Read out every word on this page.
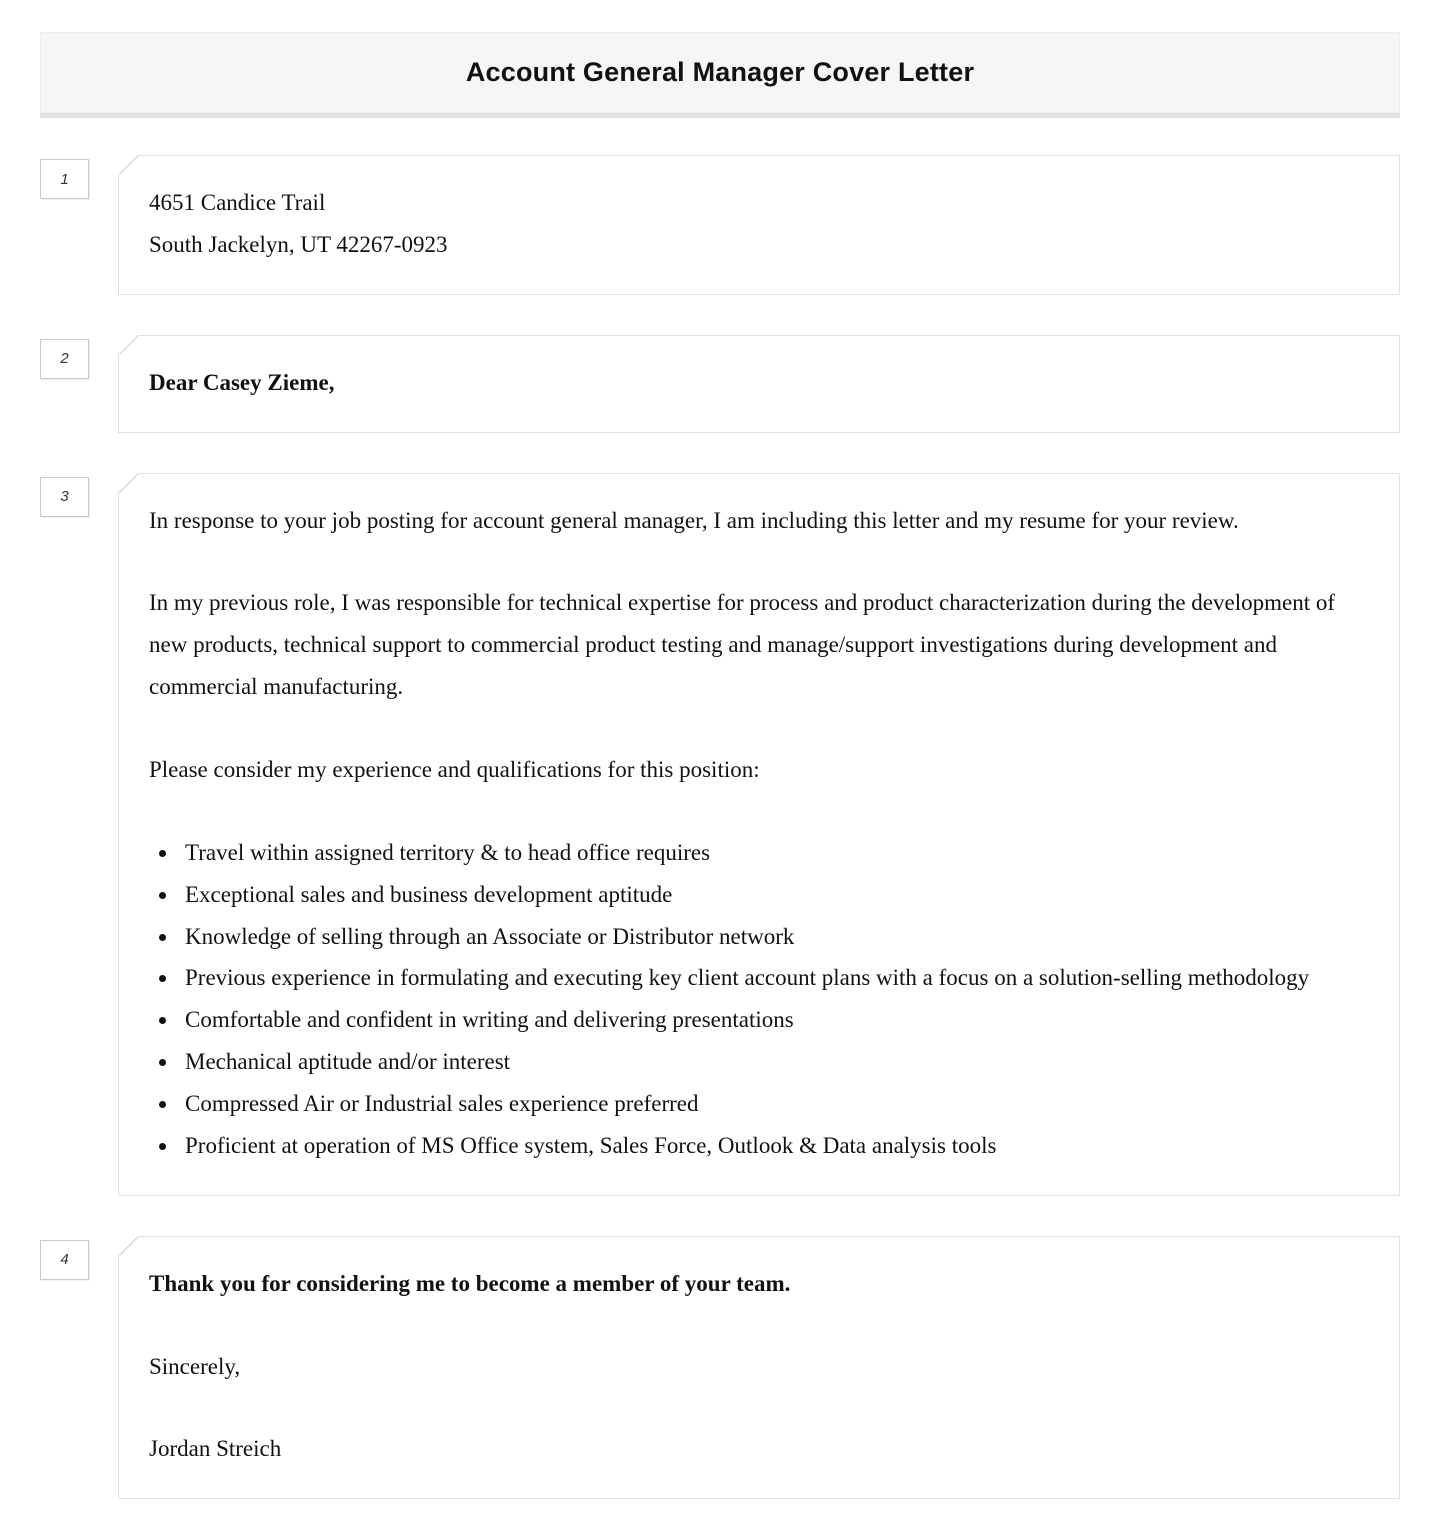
Account General Manager Cover Letter
1
4651 Candice Trail
South Jackelyn, UT 42267-0923
2
Dear Casey Zieme,
3

In response to your job posting for account general manager, I am including this letter and my resume for your review.

In my previous role, I was responsible for technical expertise for process and product characterization during the development of new products, technical support to commercial product testing and manage/support investigations during development and commercial manufacturing.

Please consider my experience and qualifications for this position:

• Travel within assigned territory & to head office requires
• Exceptional sales and business development aptitude
• Knowledge of selling through an Associate or Distributor network
• Previous experience in formulating and executing key client account plans with a focus on a solution-selling methodology
• Comfortable and confident in writing and delivering presentations
• Mechanical aptitude and/or interest
• Compressed Air or Industrial sales experience preferred
• Proficient at operation of MS Office system, Sales Force, Outlook & Data analysis tools
4

Thank you for considering me to become a member of your team.

Sincerely,

Jordan Streich
